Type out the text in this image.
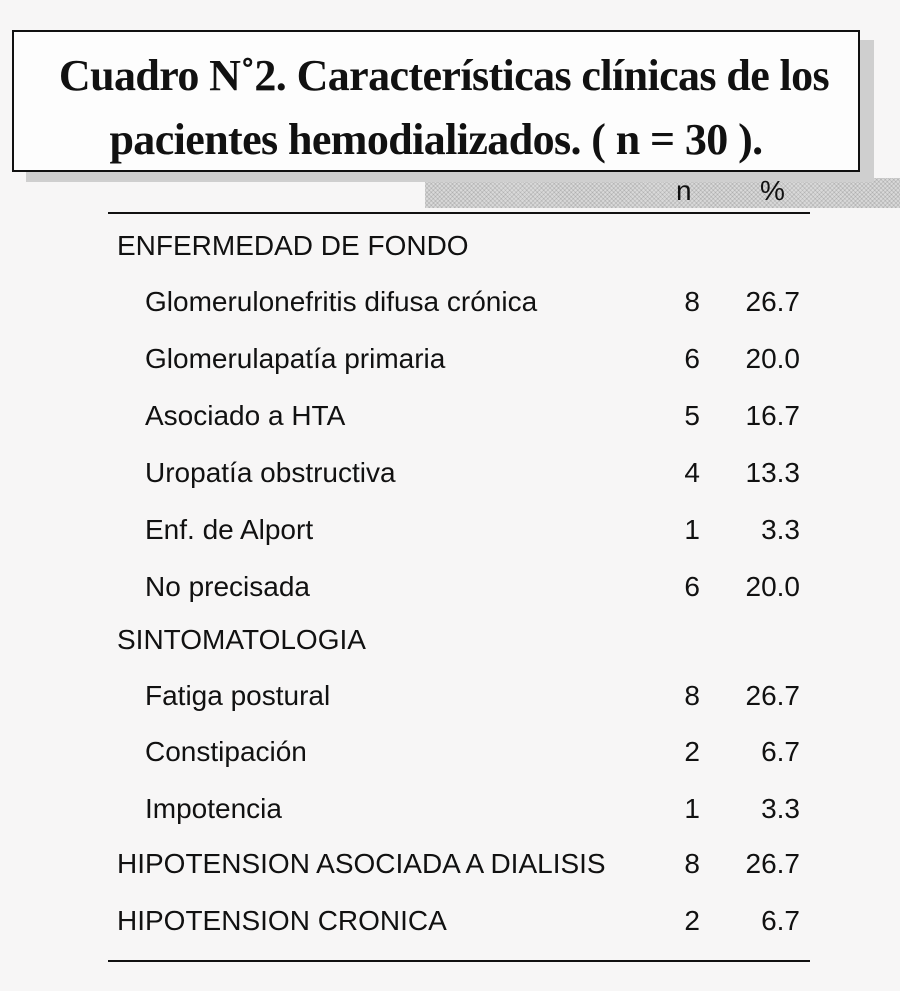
Cuadro N˚2. Características clínicas de los
pacientes hemodializados. ( n = 30 ).
n %
ENFERMEDAD DE FONDO
Glomerulonefritis difusa crónica	8	26.7
Glomerulapatía primaria	6	20.0
Asociado a HTA	5	16.7
Uropatía obstructiva	4	13.3
Enf. de Alport	1	3.3
No precisada	6	20.0
SINTOMATOLOGIA
Fatiga postural	8	26.7
Constipación	2	6.7
Impotencia	1	3.3
HIPOTENSION ASOCIADA A DIALISIS	8	26.7
HIPOTENSION CRONICA	2	6.7
